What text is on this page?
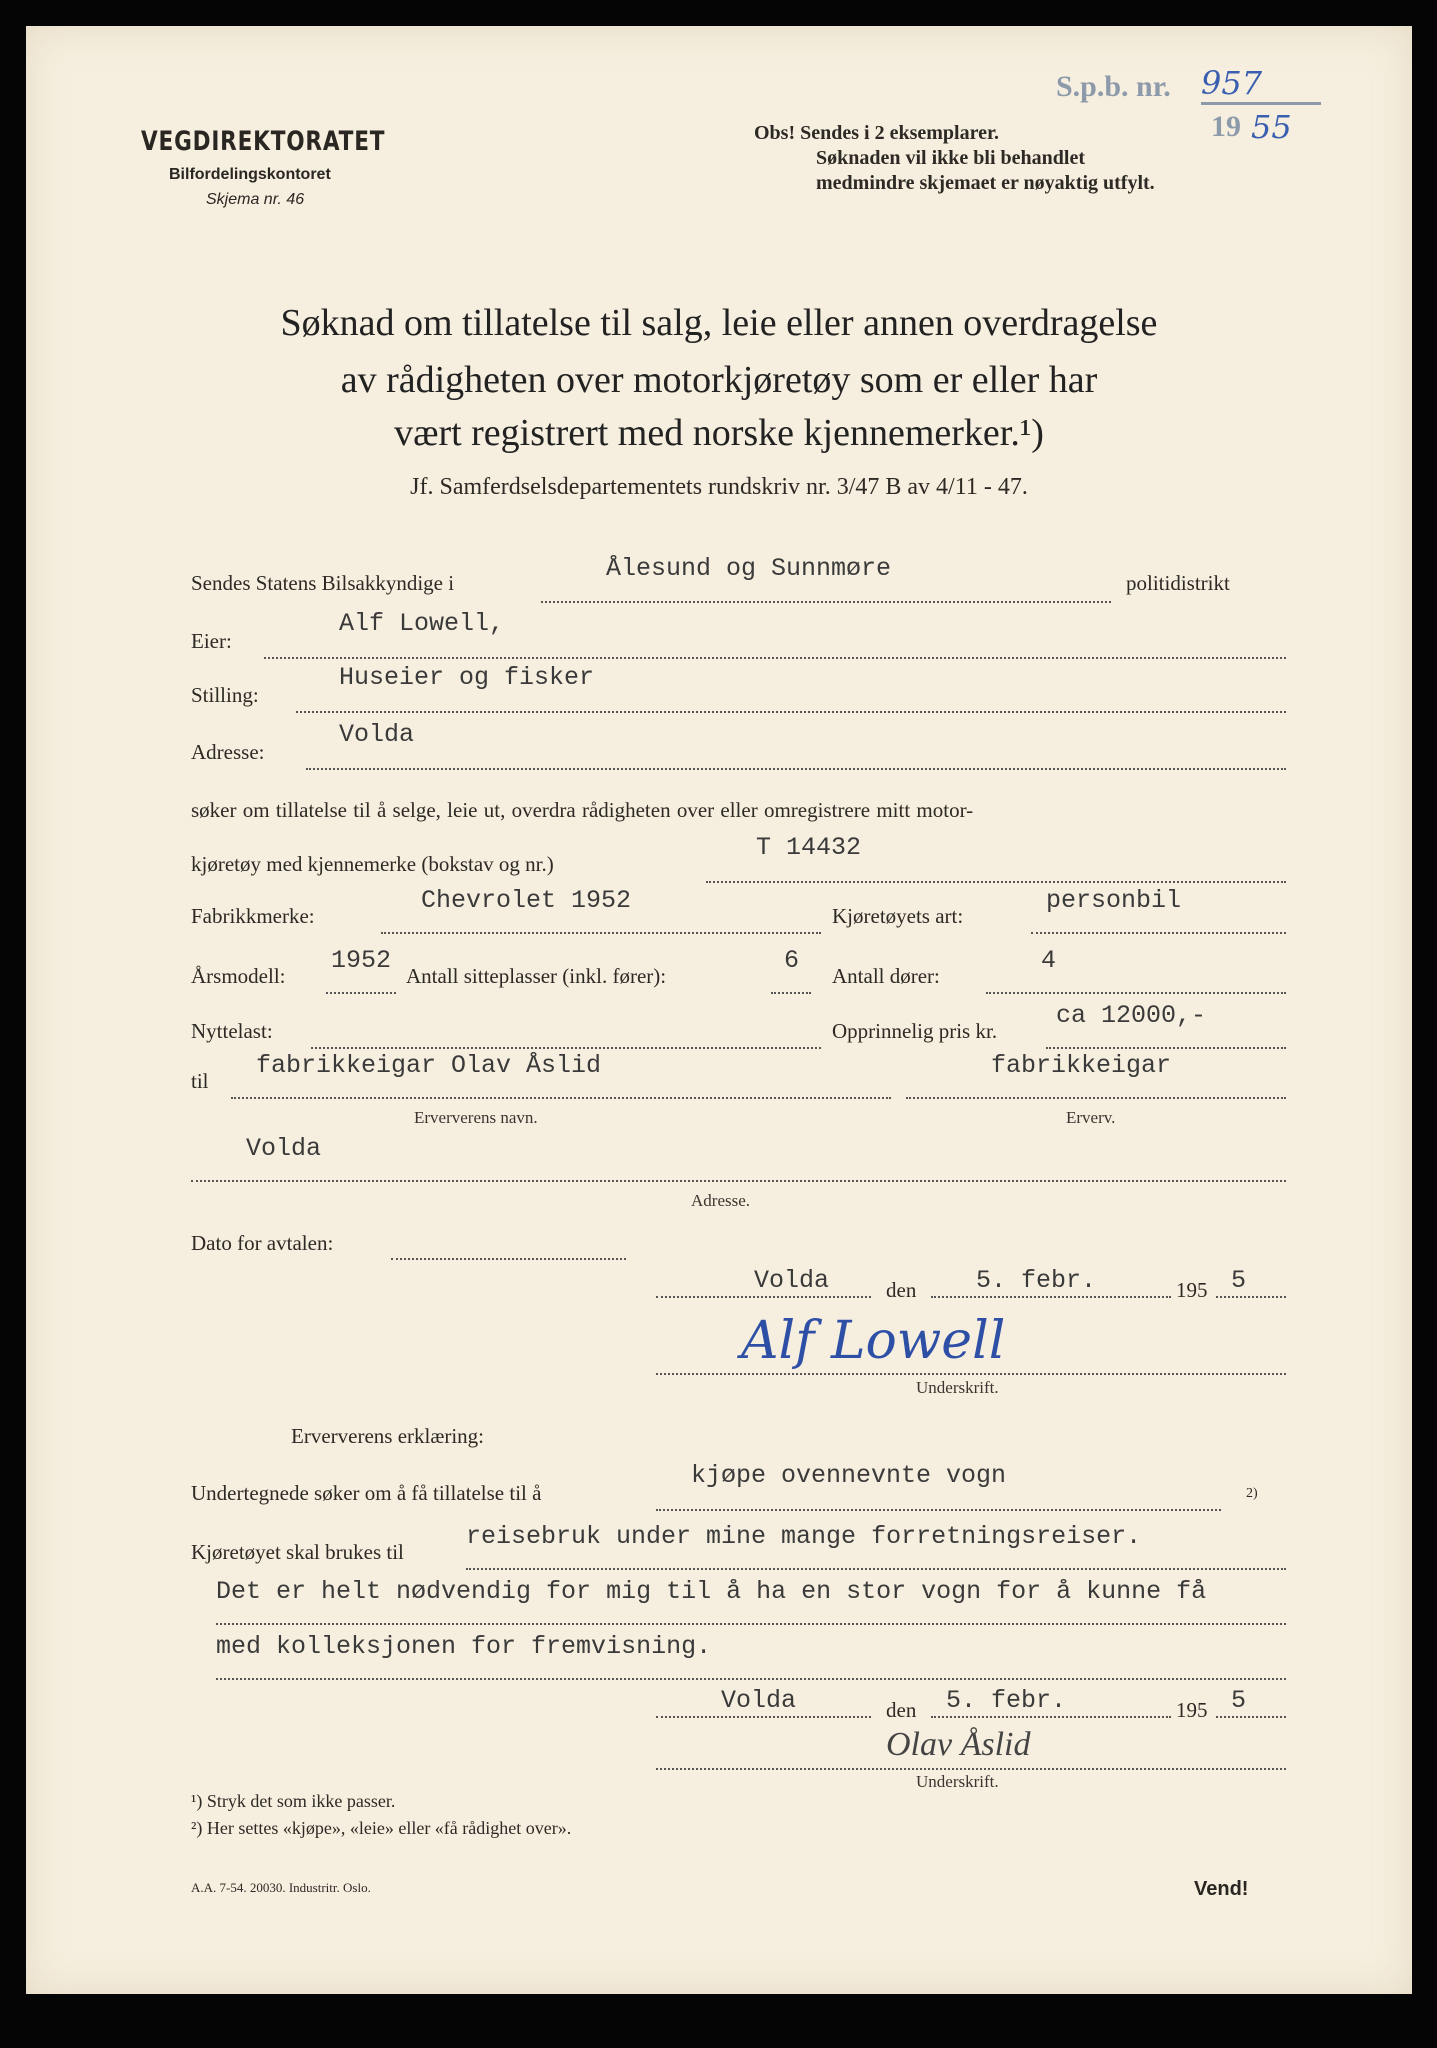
VEGDIREKTORATET
Bilfordelingskontoret
Skjema nr. 46
Obs! Sendes i 2 eksemplarer.
Søknaden vil ikke bli behandlet
medmindre skjemaet er nøyaktig utfylt.
S.p.b. nr. 957
19 55
Søknad om tillatelse til salg, leie eller annen overdragelse
av rådigheten over motorkjøretøy som er eller har
vært registrert med norske kjennemerker.¹)
Jf. Samferdselsdepartementets rundskriv nr. 3/47 B av 4/11 - 47.
Sendes Statens Bilsakkyndige i	Ålesund og Sunnmøre	politidistrikt
Eier:
Alf Lowell,
Stilling:
Huseier og fisker
Adresse:
Volda
søker om tillatelse til å selge, leie ut, overdra rådigheten over eller omregistrere mitt motor-
kjøretøy med kjennemerke (bokstav og nr.)
T 14432
Fabrikkmerke:
Chevrolet 1952
Kjøretøyets art:
personbil
Årsmodell:
1952
Antall sitteplasser (inkl. fører):
6
Antall dører:
4
Nyttelast:	Opprinnelig pris kr.
ca 12000,-
til
fabrikkeigar Olav Åslid
Erververens navn.
fabrikkeigar
Erverv.
Volda
Adresse.
Dato for avtalen:
Volda	den 5. febr.	195 5
Alf Lowell
Underskrift.
Erververens erklæring:
Undertegnede søker om å få tillatelse til å
kjøpe ovennevnte vogn
2)
Kjøretøyet skal brukes til
reisebruk under mine mange forretningsreiser.
Det er helt nødvendig for mig til å ha en stor vogn for å kunne få
med kolleksjonen for fremvisning.
Volda	den 5. febr.	195 5
Olav Åslid
Underskrift.
¹) Stryk det som ikke passer.
²) Her settes «kjøpe», «leie» eller «få rådighet over».
A.A. 7-54. 20030. Industritr. Oslo.	Vend!
